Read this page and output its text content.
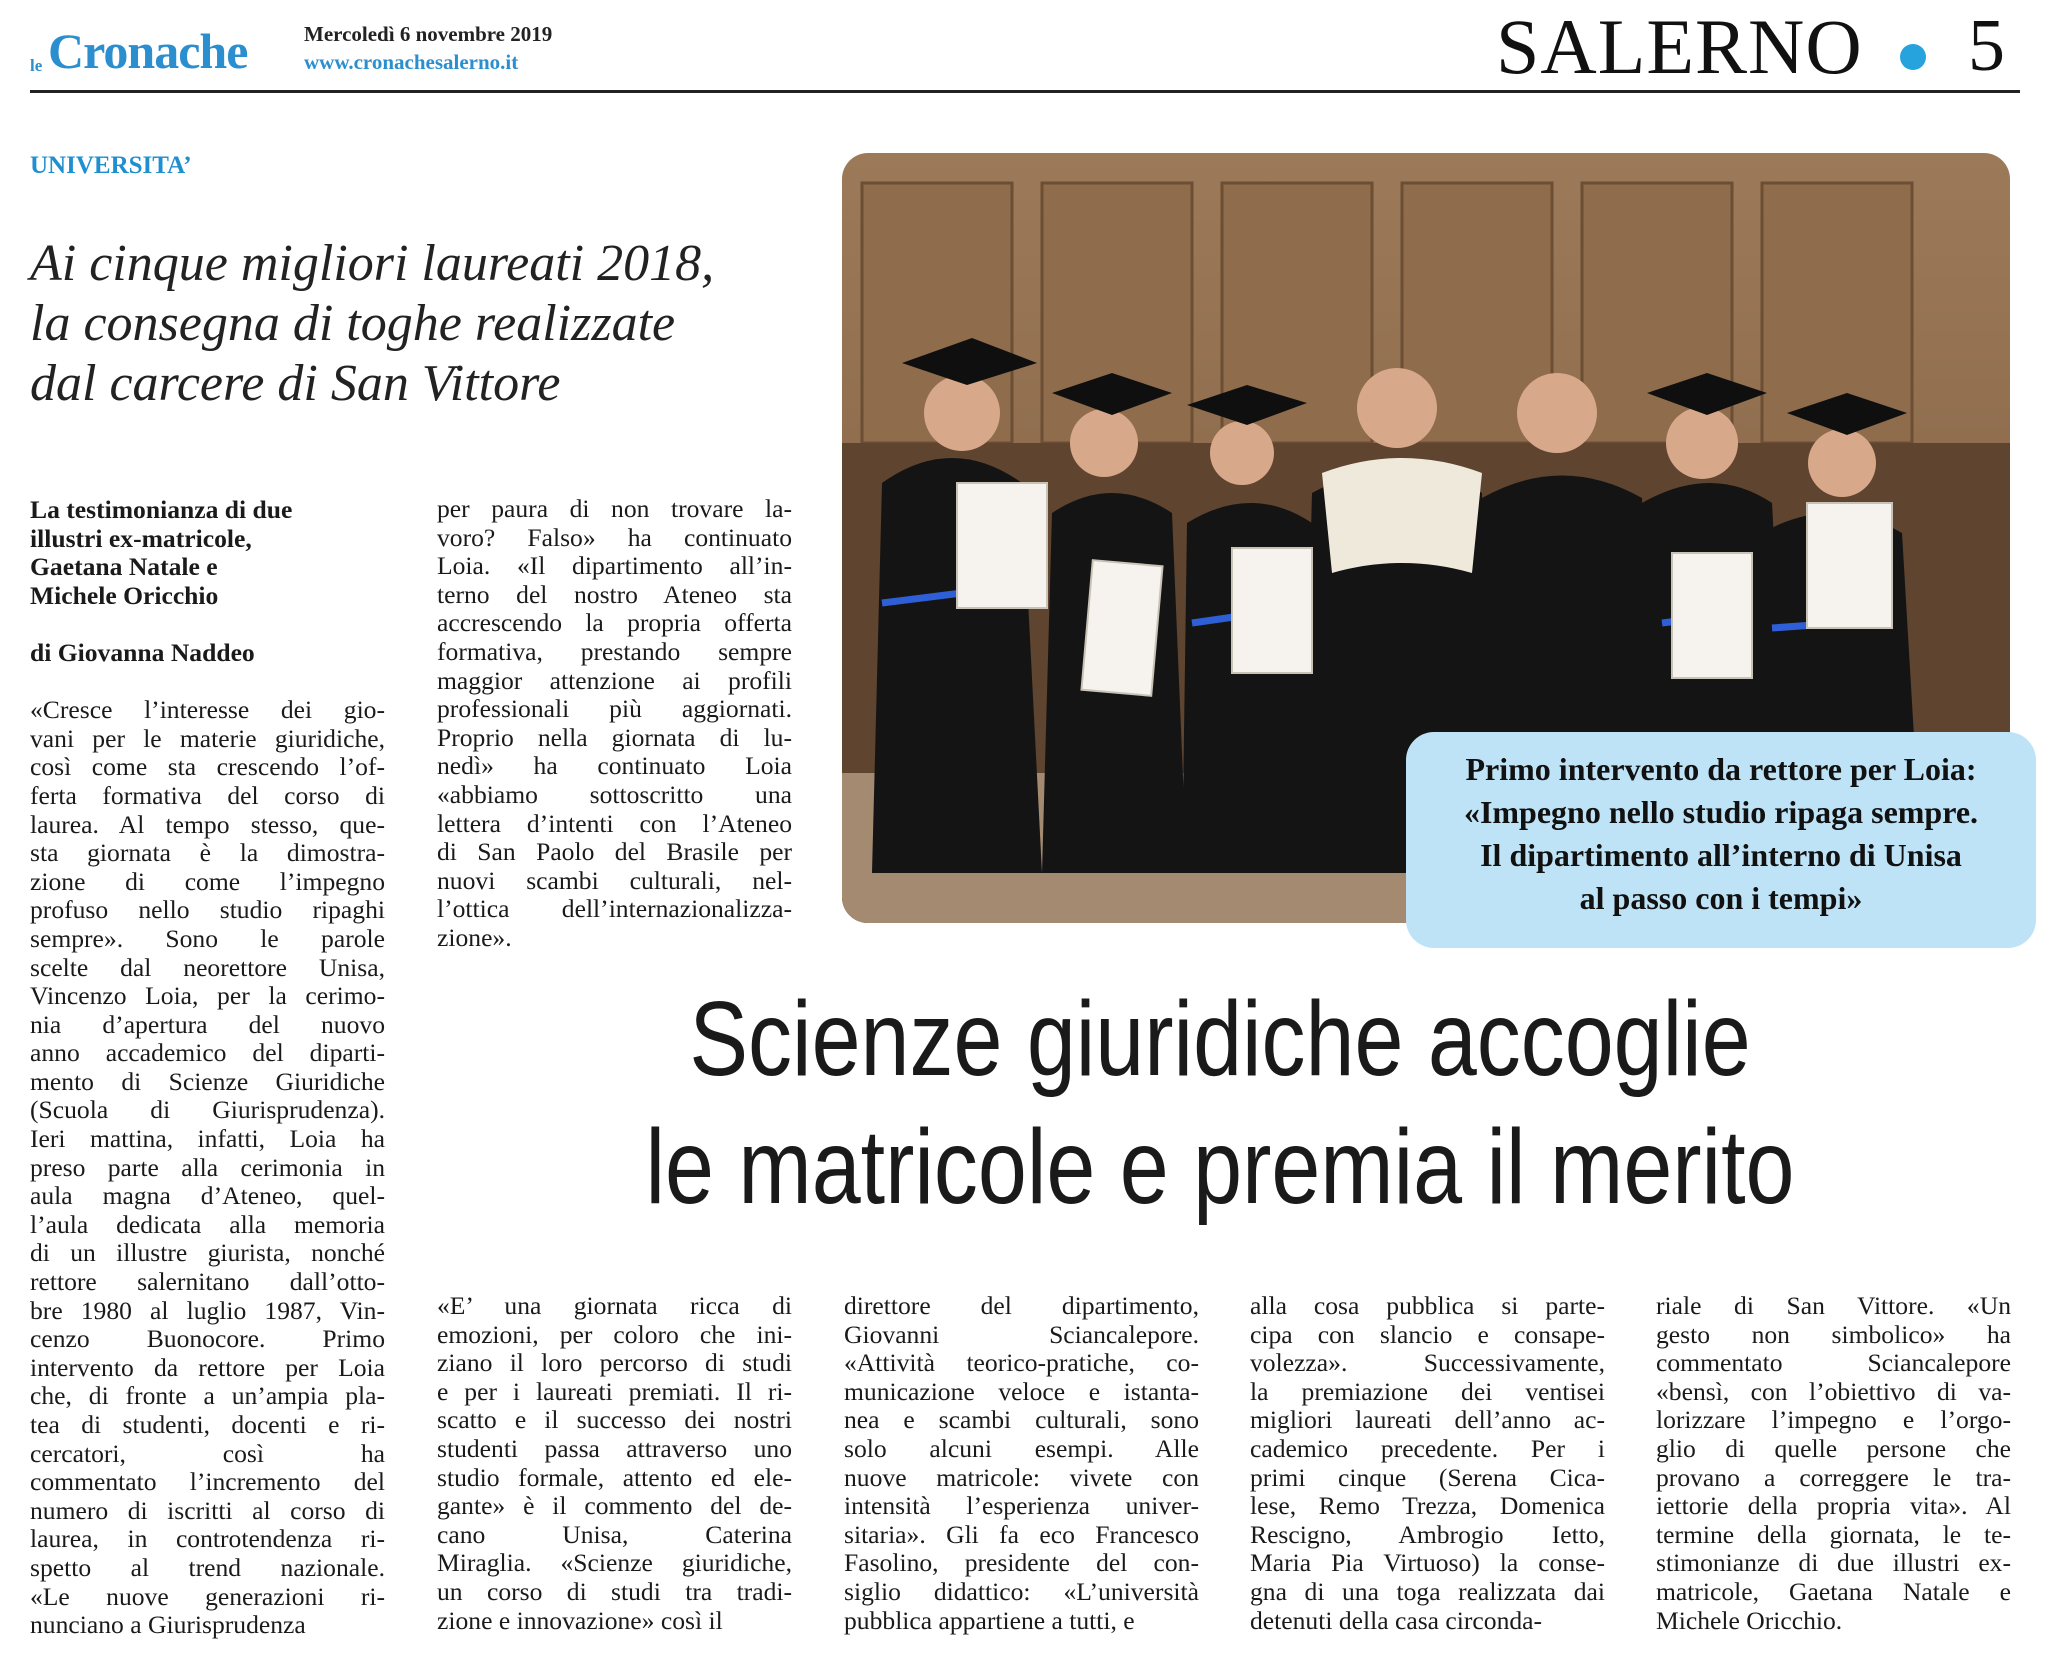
le Cronache	Mercoledì 6 novembre 2019
www.cronachesalerno.it	SALERNO 5
UNIVERSITA’
Ai cinque migliori laureati 2018,
la consegna di toghe realizzate
dal carcere di San Vittore
La testimonianza di due
illustri ex-matricole,
Gaetana Natale e
Michele Oricchio
di Giovanna Naddeo
«Cresce l’interesse dei gio-
vani per le materie giuridiche,
così come sta crescendo l’of-
ferta formativa del corso di
laurea. Al tempo stesso, que-
sta giornata è la dimostra-
zione di come l’impegno
profuso nello studio ripaghi
sempre». Sono le parole
scelte dal neorettore Unisa,
Vincenzo Loia, per la cerimo-
nia d’apertura del nuovo
anno accademico del diparti-
mento di Scienze Giuridiche
(Scuola di Giurisprudenza).
Ieri mattina, infatti, Loia ha
preso parte alla cerimonia in
aula magna d’Ateneo, quel-
l’aula dedicata alla memoria
di un illustre giurista, nonché
rettore salernitano dall’otto-
bre 1980 al luglio 1987, Vin-
cenzo Buonocore. Primo
intervento da rettore per Loia
che, di fronte a un’ampia pla-
tea di studenti, docenti e ri-
cercatori, così ha
commentato l’incremento del
numero di iscritti al corso di
laurea, in controtendenza ri-
spetto al trend nazionale.
«Le nuove generazioni ri-
nunciano a Giurisprudenza
per paura di non trovare la-
voro? Falso» ha continuato
Loia. «Il dipartimento all’in-
terno del nostro Ateneo sta
accrescendo la propria offerta
formativa, prestando sempre
maggior attenzione ai profili
professionali più aggiornati.
Proprio nella giornata di lu-
nedì» ha continuato Loia
«abbiamo sottoscritto una
lettera d’intenti con l’Ateneo
di San Paolo del Brasile per
nuovi scambi culturali, nel-
l’ottica dell’internazionalizza-
zione».
Primo intervento da rettore per Loia:
«Impegno nello studio ripaga sempre.
Il dipartimento all’interno di Unisa
al passo con i tempi»
Scienze giuridiche accoglie
le matricole e premia il merito
«E’ una giornata ricca di
emozioni, per coloro che ini-
ziano il loro percorso di studi
e per i laureati premiati. Il ri-
scatto e il successo dei nostri
studenti passa attraverso uno
studio formale, attento ed ele-
gante» è il commento del de-
cano Unisa, Caterina
Miraglia. «Scienze giuridiche,
un corso di studi tra tradi-
zione e innovazione» così il
direttore del dipartimento,
Giovanni Sciancalepore.
«Attività teorico-pratiche, co-
municazione veloce e istanta-
nea e scambi culturali, sono
solo alcuni esempi. Alle
nuove matricole: vivete con
intensità l’esperienza univer-
sitaria». Gli fa eco Francesco
Fasolino, presidente del con-
siglio didattico: «L’università
pubblica appartiene a tutti, e
alla cosa pubblica si parte-
cipa con slancio e consape-
volezza». Successivamente,
la premiazione dei ventisei
migliori laureati dell’anno ac-
cademico precedente. Per i
primi cinque (Serena Cica-
lese, Remo Trezza, Domenica
Rescigno, Ambrogio Ietto,
Maria Pia Virtuoso) la conse-
gna di una toga realizzata dai
detenuti della casa circonda-
riale di San Vittore. «Un
gesto non simbolico» ha
commentato Sciancalepore
«bensì, con l’obiettivo di va-
lorizzare l’impegno e l’orgo-
glio di quelle persone che
provano a correggere le tra-
iettorie della propria vita». Al
termine della giornata, le te-
stimonianze di due illustri ex-
matricole, Gaetana Natale e
Michele Oricchio.
